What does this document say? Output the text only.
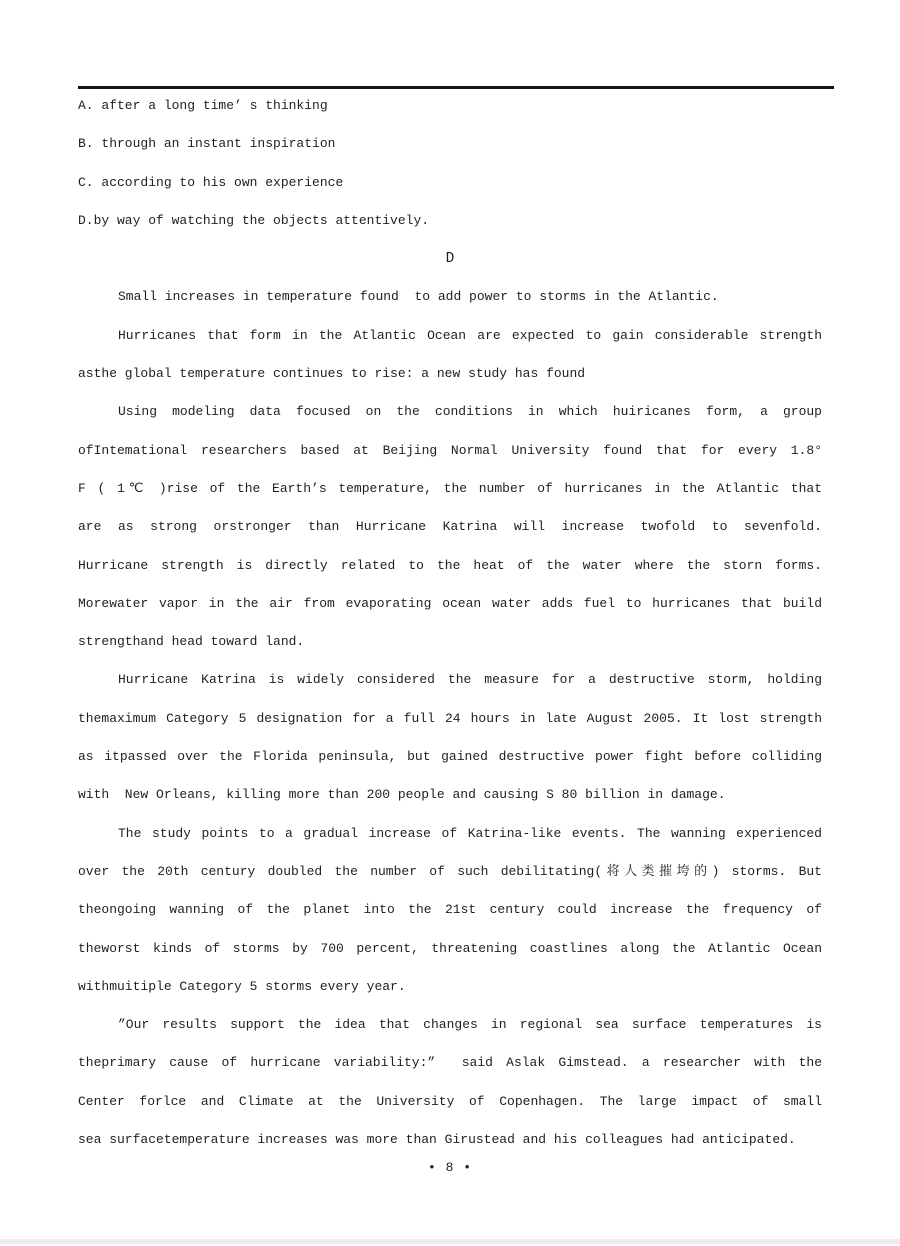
A. after a long time’ s thinking
B. through an instant inspiration
C. according to his own experience
D.by way of watching the objects attentively.
D
Small increases in temperature found  to add power to storms in the Atlantic.
Hurricanes that form in the Atlantic Ocean are expected to gain considerable strength
asthe global temperature continues to rise: a new study has found
Using modeling data focused on the conditions in which huiricanes form, a group
ofIntemational researchers based at Beijing Normal University found that for every 1.8°
F ( 1℃ )rise of the Earth’s temperature, the number of hurricanes in the Atlantic that
are as strong orstronger than Hurricane Katrina will increase twofold to sevenfold.
Hurricane strength is directly related to the heat of the water where the storn forms.
Morewater vapor in the air from evaporating ocean water adds fuel to hurricanes that build
strengthand head toward land.
Hurricane Katrina is widely considered the measure for a destructive storm, holding
themaximum Category 5 designation for a full 24 hours in late August 2005. It lost strength
as itpassed over the Florida peninsula, but gained destructive power fight before colliding
with  New Orleans, killing more than 200 people and causing S 80 billion in damage.
The study points to a gradual increase of Katrina-like events. The wanning experienced
over the 20th century doubled the number of such debilitating(将人类摧垮的) storms. But
theongoing wanning of the planet into the 21st century could increase the frequency of
theworst kinds of storms by 700 percent, threatening coastlines along the Atlantic Ocean
withmuitiple Category 5 storms every year.
”Our results support the idea that changes in regional sea surface temperatures is
theprimary cause of hurricane variability:”  said Aslak Gimstead. a researcher with the
Center forlce and Climate at the University of Copenhagen. The large impact of small
sea surfacetemperature increases was more than Girustead and his colleagues had anticipated.
• 8 •
